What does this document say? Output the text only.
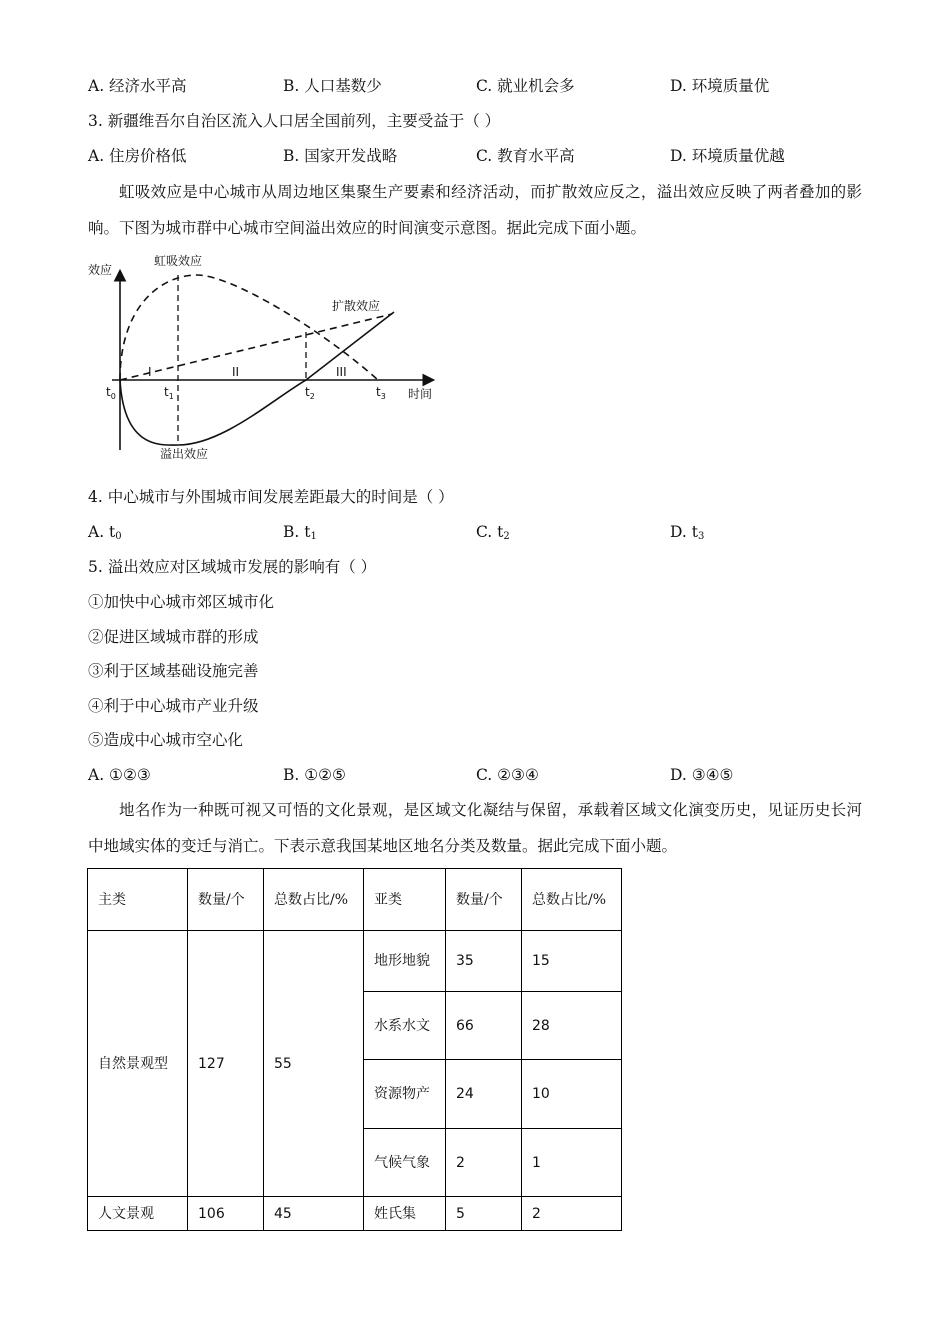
A. 经济水平高	B. 人口基数少	C. 就业机会多	D. 环境质量优
3. 新疆维吾尔自治区流入人口居全国前列，主要受益于（ ）
A. 住房价格低	B. 国家开发战略	C. 教育水平高	D. 环境质量优越
虹吸效应是中心城市从周边地区集聚生产要素和经济活动，而扩散效应反之，溢出效应反映了两者叠加的影响。下图为城市群中心城市空间溢出效应的时间演变示意图。据此完成下面小题。
效应
时间
虹吸效应
扩散效应
溢出效应
I	II	III
$t_0$	$t_1$	$t_2$	$t_3$
4. 中心城市与外围城市间发展差距最大的时间是（ ）
A. $t_0$	B. $t_1$	C. $t_2$	D. $t_3$
5. 溢出效应对区域城市发展的影响有（ ）
①加快中心城市郊区城市化
②促进区域城市群的形成
③利于区域基础设施完善
④利于中心城市产业升级
⑤造成中心城市空心化
A. ①②③	B. ①②⑤	C. ②③④	D. ③④⑤
地名作为一种既可视又可悟的文化景观，是区域文化凝结与保留，承载着区域文化演变历史，见证历史长河中地域实体的变迁与消亡。下表示意我国某地区地名分类及数量。据此完成下面小题。
主类	数量/个	总数占比/%	亚类	数量/个	总数占比/%
自然景观型	127	55	地形地貌	35	15
			水系水文	66	28
			资源物产	24	10
			气候气象	2	1
人文景观	106	45	姓氏集	5	2
